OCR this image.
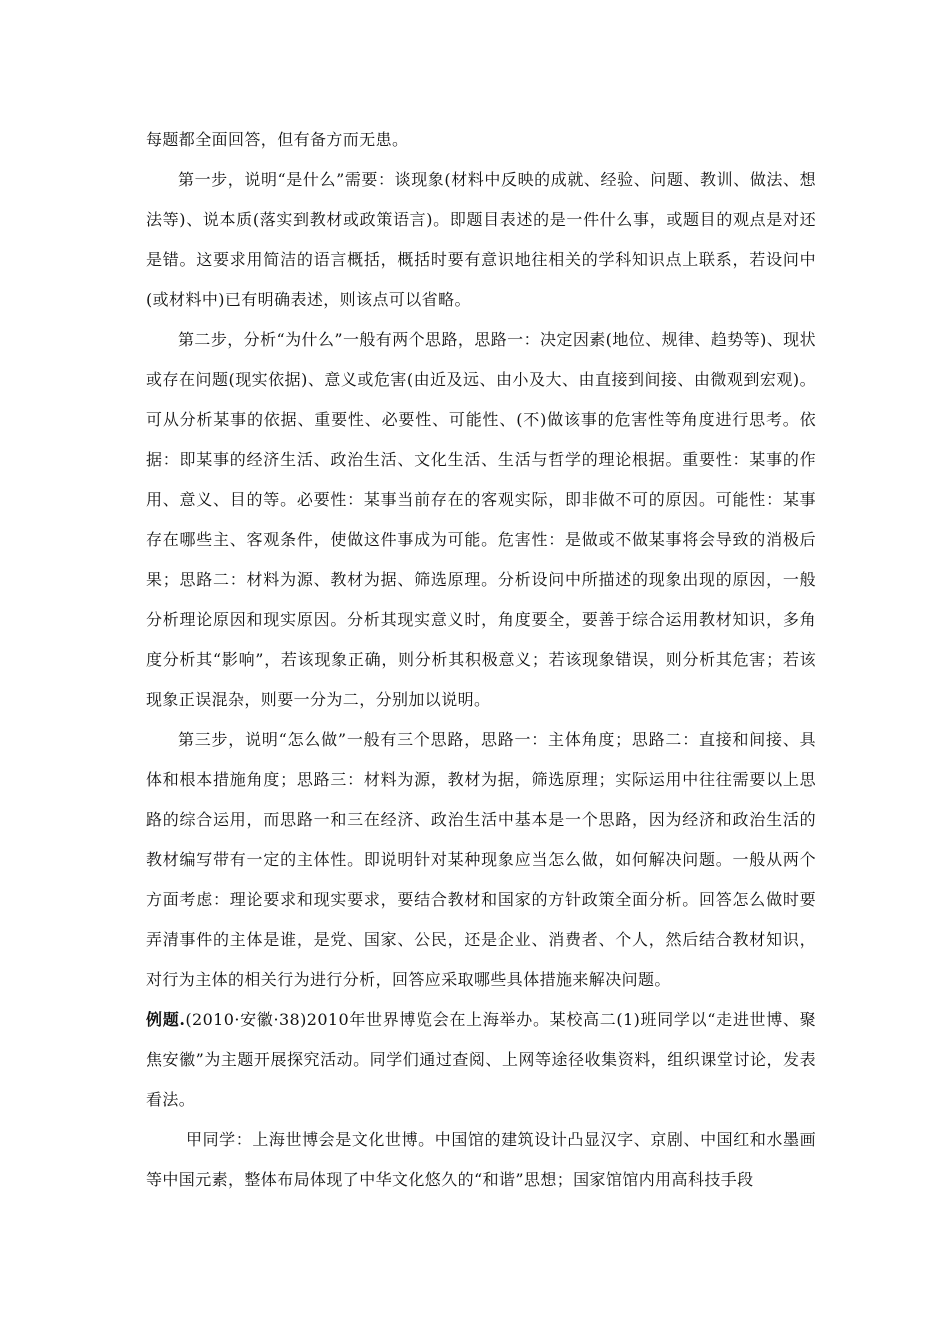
每题都全面回答，但有备方而无患。

第一步，说明“是什么”需要：谈现象(材料中反映的成就、经验、问题、教训、做法、想法等)、说本质(落实到教材或政策语言)。即题目表述的是一件什么事，或题目的观点是对还是错。这要求用简洁的语言概括，概括时要有意识地往相关的学科知识点上联系，若设问中(或材料中)已有明确表述，则该点可以省略。

第二步，分析“为什么”一般有两个思路，思路一：决定因素(地位、规律、趋势等)、现状或存在问题(现实依据)、意义或危害(由近及远、由小及大、由直接到间接、由微观到宏观)。可从分析某事的依据、重要性、必要性、可能性、(不)做该事的危害性等角度进行思考。依据：即某事的经济生活、政治生活、文化生活、生活与哲学的理论根据。重要性：某事的作用、意义、目的等。必要性：某事当前存在的客观实际，即非做不可的原因。可能性：某事存在哪些主、客观条件，使做这件事成为可能。危害性：是做或不做某事将会导致的消极后果；思路二：材料为源、教材为据、筛选原理。分析设问中所描述的现象出现的原因，一般分析理论原因和现实原因。分析其现实意义时，角度要全，要善于综合运用教材知识，多角度分析其“影响”，若该现象正确，则分析其积极意义；若该现象错误，则分析其危害；若该现象正误混杂，则要一分为二，分别加以说明。

第三步，说明“怎么做”一般有三个思路，思路一：主体角度；思路二：直接和间接、具体和根本措施角度；思路三：材料为源，教材为据，筛选原理；实际运用中往往需要以上思路的综合运用，而思路一和三在经济、政治生活中基本是一个思路，因为经济和政治生活的教材编写带有一定的主体性。即说明针对某种现象应当怎么做，如何解决问题。一般从两个方面考虑：理论要求和现实要求，要结合教材和国家的方针政策全面分析。回答怎么做时要弄清事件的主体是谁，是党、国家、公民，还是企业、消费者、个人，然后结合教材知识，对行为主体的相关行为进行分析，回答应采取哪些具体措施来解决问题。

例题.(2010·安徽·38)2010年世界博览会在上海举办。某校高二(1)班同学以“走进世博、聚焦安徽”为主题开展探究活动。同学们通过查阅、上网等途径收集资料，组织课堂讨论，发表看法。

甲同学：上海世博会是文化世博。中国馆的建筑设计凸显汉字、京剧、中国红和水墨画等中国元素，整体布局体现了中华文化悠久的“和谐”思想；国家馆馆内用高科技手段
